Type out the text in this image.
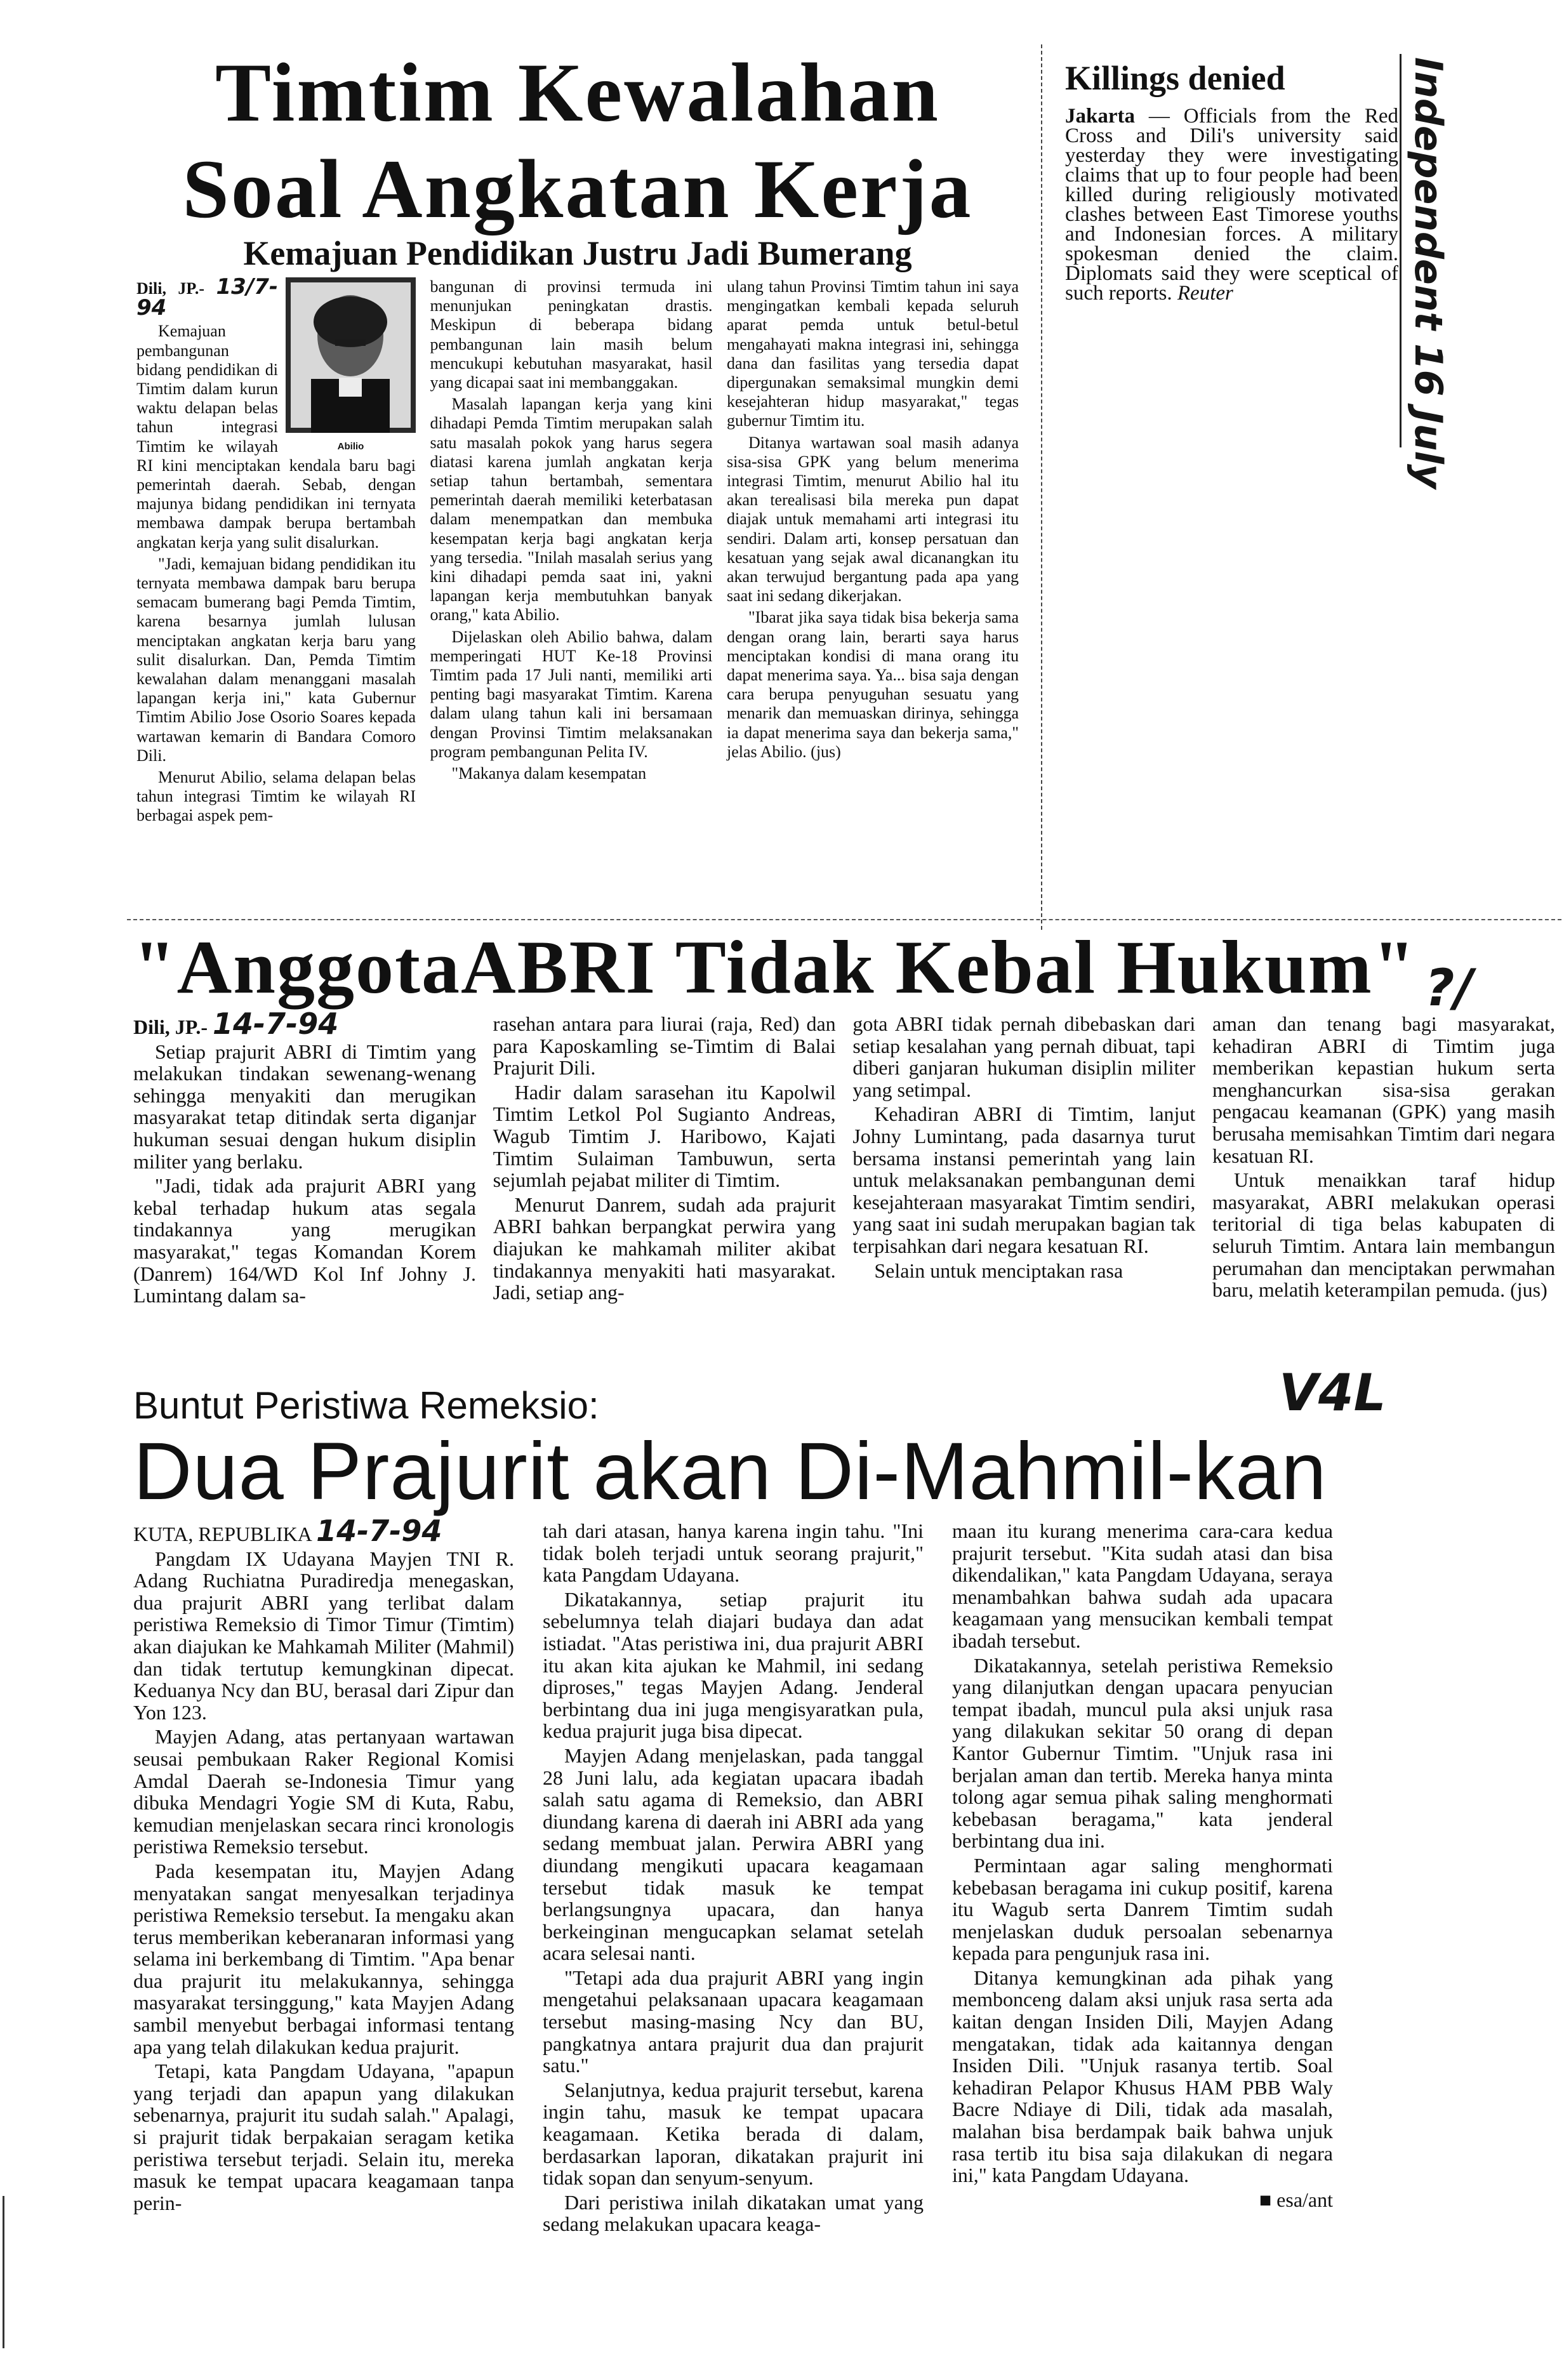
Timtim Kewalahan
Soal Angkatan Kerja
Kemajuan Pendidikan Justru Jadi Bumerang
Abilio

Dili, JP.- 13/7-94

Kemajuan pembangunan bidang pendidikan di Timtim dalam kurun waktu delapan belas tahun integrasi Timtim ke wilayah RI kini menciptakan kendala baru bagi pemerintah daerah. Sebab, dengan majunya bidang pendidikan ini ternyata membawa dampak berupa bertambah angkatan kerja yang sulit disalurkan.

"Jadi, kemajuan bidang pendidikan itu ternyata membawa dampak baru berupa semacam bumerang bagi Pemda Timtim, karena besarnya jumlah lulusan menciptakan angkatan kerja baru yang sulit disalurkan. Dan, Pemda Timtim kewalahan dalam menanggani masalah lapangan kerja ini," kata Gubernur Timtim Abilio Jose Osorio Soares kepada wartawan kemarin di Bandara Comoro Dili.

Menurut Abilio, selama delapan belas tahun integrasi Timtim ke wilayah RI berbagai aspek pem-

bangunan di provinsi termuda ini menunjukan peningkatan drastis. Meskipun di beberapa bidang pembangunan lain masih belum mencukupi kebutuhan masyarakat, hasil yang dicapai saat ini membanggakan.

Masalah lapangan kerja yang kini dihadapi Pemda Timtim merupakan salah satu masalah pokok yang harus segera diatasi karena jumlah angkatan kerja setiap tahun bertambah, sementara pemerintah daerah memiliki keterbatasan dalam menempatkan dan membuka kesempatan kerja bagi angkatan kerja yang tersedia. "Inilah masalah serius yang kini dihadapi pemda saat ini, yakni lapangan kerja membutuhkan banyak orang," kata Abilio.

Dijelaskan oleh Abilio bahwa, dalam memperingati HUT Ke-18 Provinsi Timtim pada 17 Juli nanti, memiliki arti penting bagi masyarakat Timtim. Karena dalam ulang tahun kali ini bersamaan dengan Provinsi Timtim melaksanakan program pembangunan Pelita IV.

"Makanya dalam kesempatan

ulang tahun Provinsi Timtim tahun ini saya mengingatkan kembali kepada seluruh aparat pemda untuk betul-betul mengahayati makna integrasi ini, sehingga dana dan fasilitas yang tersedia dapat dipergunakan semaksimal mungkin demi kesejahteran hidup masyarakat," tegas gubernur Timtim itu.

Ditanya wartawan soal masih adanya sisa-sisa GPK yang belum menerima integrasi Timtim, menurut Abilio hal itu akan terealisasi bila mereka pun dapat diajak untuk memahami arti integrasi itu sendiri. Dalam arti, konsep persatuan dan kesatuan yang sejak awal dicanangkan itu akan terwujud bergantung pada apa yang saat ini sedang dikerjakan.

"Ibarat jika saya tidak bisa bekerja sama dengan orang lain, berarti saya harus menciptakan kondisi di mana orang itu dapat menerima saya. Ya... bisa saja dengan cara berupa penyuguhan sesuatu yang menarik dan memuaskan dirinya, sehingga ia dapat menerima saya dan bekerja sama," jelas Abilio. (jus)

Killings denied
Jakarta — Officials from the Red Cross and Dili's university said yesterday they were investigating claims that up to four people had been killed during religiously motivated clashes between East Timorese youths and Indonesian forces. A military spokesman denied the claim. Diplomats said they were sceptical of such reports. Reuter	Independent 16 July
"AnggotaABRI Tidak Kebal Hukum" ?/

Dili, JP.- 14-7-94

Setiap prajurit ABRI di Timtim yang melakukan tindakan sewenang-wenang sehingga menyakiti dan merugikan masyarakat tetap ditindak serta diganjar hukuman sesuai dengan hukum disiplin militer yang berlaku.

"Jadi, tidak ada prajurit ABRI yang kebal terhadap hukum atas segala tindakannya yang merugikan masyarakat," tegas Komandan Korem (Danrem) 164/WD Kol Inf Johny J. Lumintang dalam sa-

rasehan antara para liurai (raja, Red) dan para Kaposkamling se-Timtim di Balai Prajurit Dili.

Hadir dalam sarasehan itu Kapolwil Timtim Letkol Pol Sugianto Andreas, Wagub Timtim J. Haribowo, Kajati Timtim Sulaiman Tambuwun, serta sejumlah pejabat militer di Timtim.

Menurut Danrem, sudah ada prajurit ABRI bahkan berpangkat perwira yang diajukan ke mahkamah militer akibat tindakannya menyakiti hati masyarakat. Jadi, setiap ang-

gota ABRI tidak pernah dibebaskan dari setiap kesalahan yang pernah dibuat, tapi diberi ganjaran hukuman disiplin militer yang setimpal.

Kehadiran ABRI di Timtim, lanjut Johny Lumintang, pada dasarnya turut bersama instansi pemerintah yang lain untuk melaksanakan pembangunan demi kesejahteraan masyarakat Timtim sendiri, yang saat ini sudah merupakan bagian tak terpisahkan dari negara kesatuan RI.

Selain untuk menciptakan rasa

aman dan tenang bagi masyarakat, kehadiran ABRI di Timtim juga memberikan kepastian hukum serta menghancurkan sisa-sisa gerakan pengacau keamanan (GPK) yang masih berusaha memisahkan Timtim dari negara kesatuan RI.

Untuk menaikkan taraf hidup masyarakat, ABRI melakukan operasi teritorial di tiga belas kabupaten di seluruh Timtim. Antara lain membangun perumahan dan menciptakan perwmahan baru, melatih keterampilan pemuda. (jus)

Buntut Peristiwa Remeksio:	V4L
Dua Prajurit akan Di-Mahmil-kan

KUTA, REPUBLIKA 14-7-94

Pangdam IX Udayana Mayjen TNI R. Adang Ruchiatna Puradiredja menegaskan, dua prajurit ABRI yang terlibat dalam peristiwa Remeksio di Timor Timur (Timtim) akan diajukan ke Mahkamah Militer (Mahmil) dan tidak tertutup kemungkinan dipecat. Keduanya Ncy dan BU, berasal dari Zipur dan Yon 123.

Mayjen Adang, atas pertanyaan wartawan seusai pembukaan Raker Regional Komisi Amdal Daerah se-Indonesia Timur yang dibuka Mendagri Yogie SM di Kuta, Rabu, kemudian menjelaskan secara rinci kronologis peristiwa Remeksio tersebut.

Pada kesempatan itu, Mayjen Adang menyatakan sangat menyesalkan terjadinya peristiwa Remeksio tersebut. Ia mengaku akan terus memberikan keberanaran informasi yang selama ini berkembang di Timtim. "Apa benar dua prajurit itu melakukannya, sehingga masyarakat tersinggung," kata Mayjen Adang sambil menyebut berbagai informasi tentang apa yang telah dilakukan kedua prajurit.

Tetapi, kata Pangdam Udayana, "apapun yang terjadi dan apapun yang dilakukan sebenarnya, prajurit itu sudah salah." Apalagi, si prajurit tidak berpakaian seragam ketika peristiwa tersebut terjadi. Selain itu, mereka masuk ke tempat upacara keagamaan tanpa perin-

tah dari atasan, hanya karena ingin tahu. "Ini tidak boleh terjadi untuk seorang prajurit," kata Pangdam Udayana.

Dikatakannya, setiap prajurit itu sebelumnya telah diajari budaya dan adat istiadat. "Atas peristiwa ini, dua prajurit ABRI itu akan kita ajukan ke Mahmil, ini sedang diproses," tegas Mayjen Adang. Jenderal berbintang dua ini juga mengisyaratkan pula, kedua prajurit juga bisa dipecat.

Mayjen Adang menjelaskan, pada tanggal 28 Juni lalu, ada kegiatan upacara ibadah salah satu agama di Remeksio, dan ABRI diundang karena di daerah ini ABRI ada yang sedang membuat jalan. Perwira ABRI yang diundang mengikuti upacara keagamaan tersebut tidak masuk ke tempat berlangsungnya upacara, dan hanya berkeinginan mengucapkan selamat setelah acara selesai nanti.

"Tetapi ada dua prajurit ABRI yang ingin mengetahui pelaksanaan upacara keagamaan tersebut masing-masing Ncy dan BU, pangkatnya antara prajurit dua dan prajurit satu."

Selanjutnya, kedua prajurit tersebut, karena ingin tahu, masuk ke tempat upacara keagamaan. Ketika berada di dalam, berdasarkan laporan, dikatakan prajurit ini tidak sopan dan senyum-senyum.

Dari peristiwa inilah dikatakan umat yang sedang melakukan upacara keaga-

maan itu kurang menerima cara-cara kedua prajurit tersebut. "Kita sudah atasi dan bisa dikendalikan," kata Pangdam Udayana, seraya menambahkan bahwa sudah ada upacara keagamaan yang mensucikan kembali tempat ibadah tersebut.

Dikatakannya, setelah peristiwa Remeksio yang dilanjutkan dengan upacara penyucian tempat ibadah, muncul pula aksi unjuk rasa yang dilakukan sekitar 50 orang di depan Kantor Gubernur Timtim. "Unjuk rasa ini berjalan aman dan tertib. Mereka hanya minta tolong agar semua pihak saling menghormati kebebasan beragama," kata jenderal berbintang dua ini.

Permintaan agar saling menghormati kebebasan beragama ini cukup positif, karena itu Wagub serta Danrem Timtim sudah menjelaskan duduk persoalan sebenarnya kepada para pengunjuk rasa ini.

Ditanya kemungkinan ada pihak yang membonceng dalam aksi unjuk rasa serta ada kaitan dengan Insiden Dili, Mayjen Adang mengatakan, tidak ada kaitannya dengan Insiden Dili. "Unjuk rasanya tertib. Soal kehadiran Pelapor Khusus HAM PBB Waly Bacre Ndiaye di Dili, tidak ada masalah, malahan bisa berdampak baik bahwa unjuk rasa tertib itu bisa saja dilakukan di negara ini," kata Pangdam Udayana.

■ esa/ant
